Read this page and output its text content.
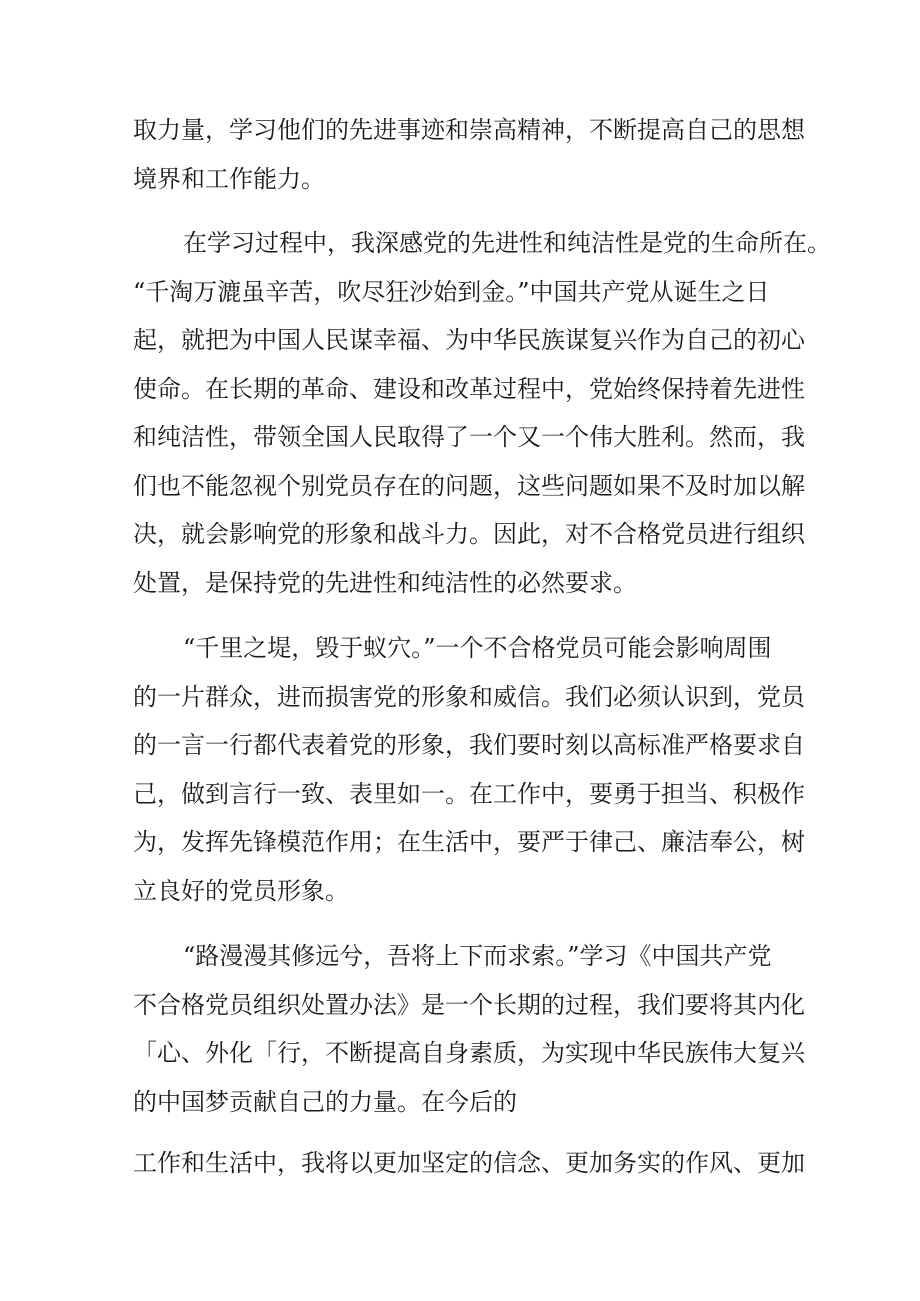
取力量，学习他们的先进事迹和崇高精神，不断提高自己的思想
境界和工作能力。
在学习过程中，我深感党的先进性和纯洁性是党的生命所在。
“千淘万漉虽辛苦，吹尽狂沙始到金。”中国共产党从诞生之日
起，就把为中国人民谋幸福、为中华民族谋复兴作为自己的初心
使命。在长期的革命、建设和改革过程中，党始终保持着先进性
和纯洁性，带领全国人民取得了一个又一个伟大胜利。然而，我
们也不能忽视个别党员存在的问题，这些问题如果不及时加以解
决，就会影响党的形象和战斗力。因此，对不合格党员进行组织
处置，是保持党的先进性和纯洁性的必然要求。
“千里之堤，毁于蚁穴。”一个不合格党员可能会影响周围
的一片群众，进而损害党的形象和威信。我们必须认识到，党员
的一言一行都代表着党的形象，我们要时刻以高标准严格要求自
己，做到言行一致、表里如一。在工作中，要勇于担当、积极作
为，发挥先锋模范作用；在生活中，要严于律己、廉洁奉公，树
立良好的党员形象。
“路漫漫其修远兮，吾将上下而求索。”学习《中国共产党
不合格党员组织处置办法》是一个长期的过程，我们要将其内化
「心、外化「行，不断提高自身素质，为实现中华民族伟大复兴
的中国梦贡献自己的力量。在今后的
工作和生活中，我将以更加坚定的信念、更加务实的作风、更加
